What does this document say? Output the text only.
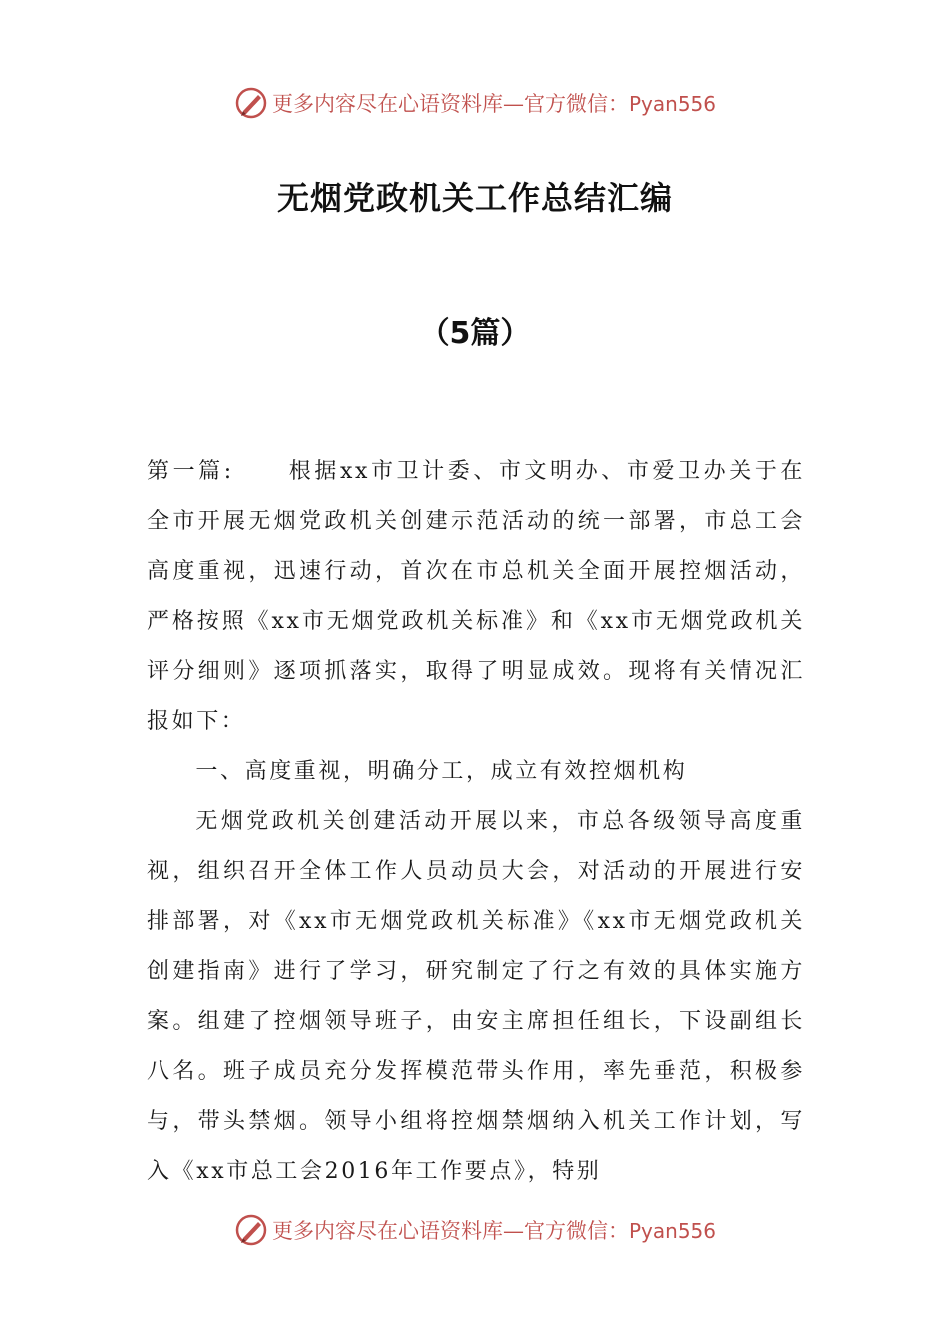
更多内容尽在心语资料库—官方微信：Pyan556
无烟党政机关工作总结汇编
（5篇）

第一篇: 根据xx市卫计委、市文明办、市爱卫办关于在全市开展无烟党政机关创建示范活动的统一部署，市总工会高度重视，迅速行动，首次在市总机关全面开展控烟活动，严格按照《xx市无烟党政机关标准》和《xx市无烟党政机关评分细则》逐项抓落实，取得了明显成效。现将有关情况汇报如下：

一、高度重视，明确分工，成立有效控烟机构

无烟党政机关创建活动开展以来，市总各级领导高度重视，组织召开全体工作人员动员大会，对活动的开展进行安排部署，对《xx市无烟党政机关标准》《xx市无烟党政机关创建指南》进行了学习，研究制定了行之有效的具体实施方案。组建了控烟领导班子，由安主席担任组长，下设副组长八名。班子成员充分发挥模范带头作用，率先垂范，积极参与，带头禁烟。领导小组将控烟禁烟纳入机关工作计划，写入《xx市总工会2016年工作要点》，特别

更多内容尽在心语资料库—官方微信：Pyan556
